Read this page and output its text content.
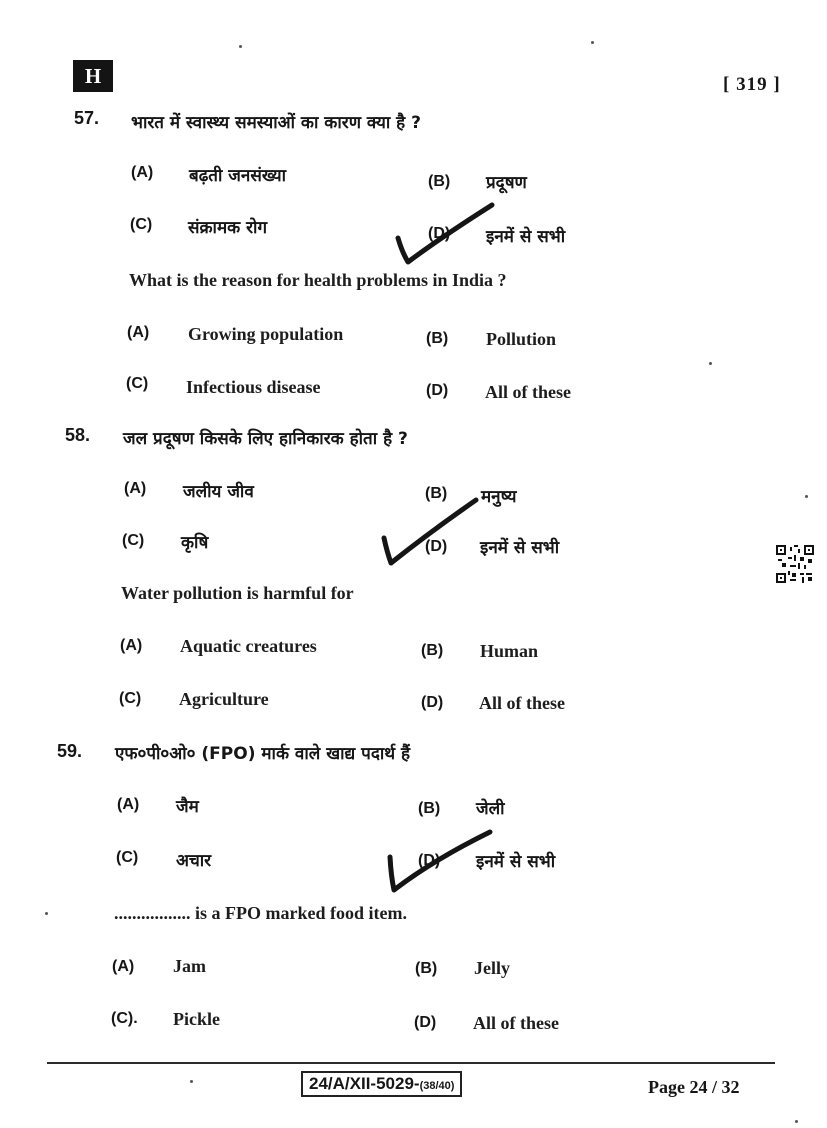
H	[ 319 ]
57. भारत में स्वास्थ्य समस्याओं का कारण क्या है ?
(A) बढ़ती जनसंख्या	(B) प्रदूषण
(C) संक्रामक रोग	(D) इनमें से सभी
What is the reason for health problems in India ?
(A) Growing population	(B) Pollution
(C) Infectious disease	(D) All of these
58. जल प्रदूषण किसके लिए हानिकारक होता है ?
(A) जलीय जीव	(B) मनुष्य
(C) कृषि	(D) इनमें से सभी
Water pollution is harmful for
(A) Aquatic creatures	(B) Human
(C) Agriculture	(D) All of these
59. एफ०पी०ओ० (FPO) मार्क वाले खाद्य पदार्थ हैं
(A) जैम	(B) जेली
(C) अचार	(D) इनमें से सभी
................. is a FPO marked food item.
(A) Jam	(B) Jelly
(C). Pickle	(D) All of these
24/A/XII-5029-(38/40)	Page 24 / 32
